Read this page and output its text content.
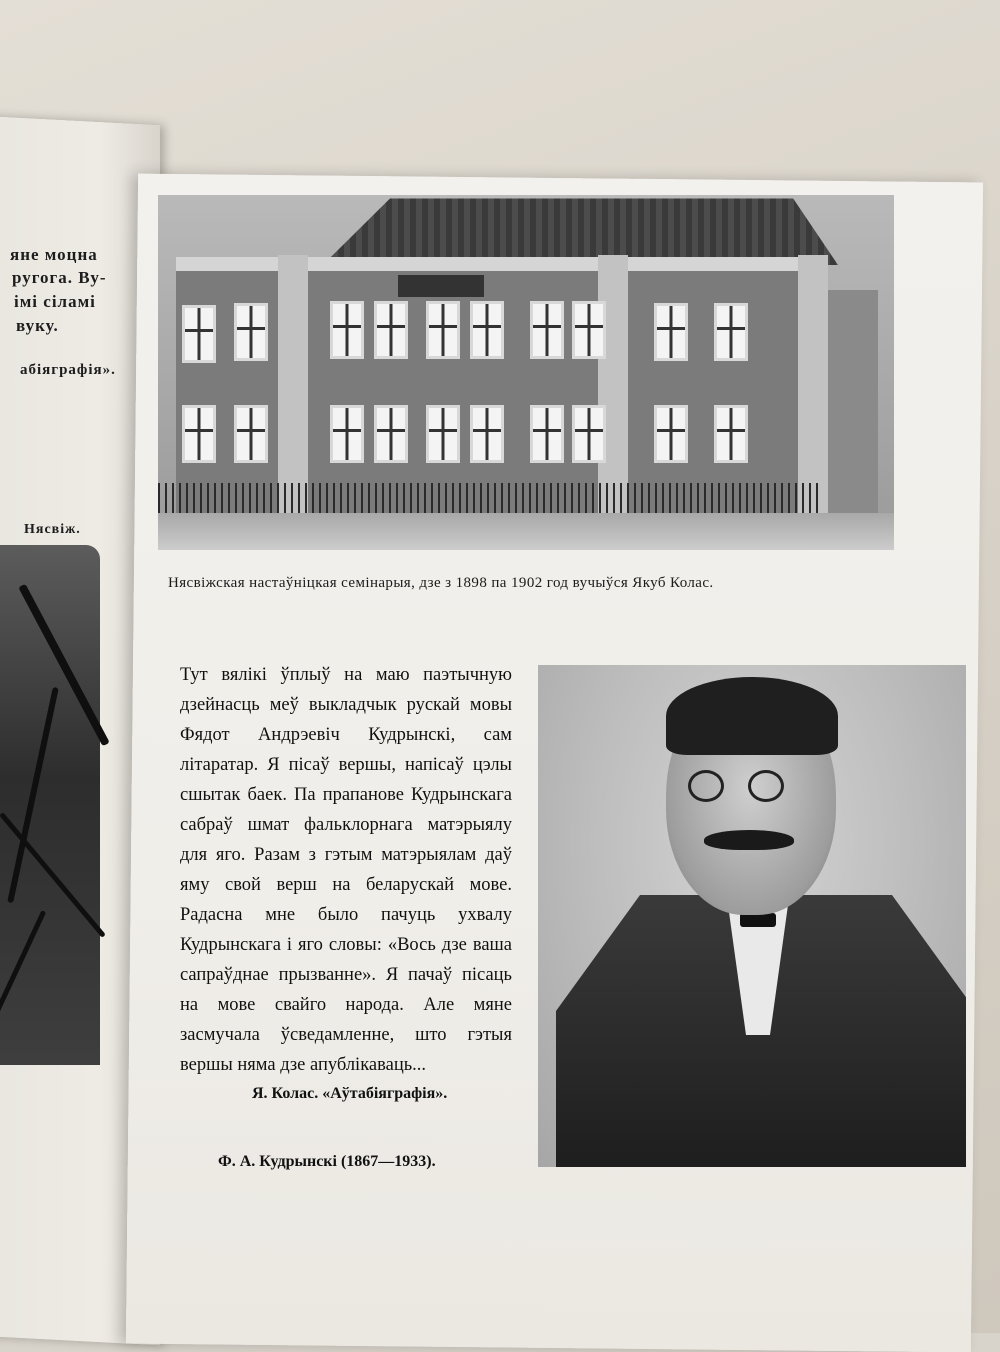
яне моцна
ругога. Ву-
імі сіламі
вуку.
абіяграфія».
Нясвіж.
Нясвіжская настаўніцкая семінарыя, дзе з 1898 па 1902 год вучыўся Якуб Колас.

Тут вялікі ўплыў на маю паэтычную дзейнасць меў выкладчык рускай мовы Фядот Андрэевіч Кудрынскі, сам літаратар. Я пісаў вершы, напісаў цэлы сшытак баек. Па прапанове Кудрынскага сабраў шмат фальклорнага матэрыялу для яго. Разам з гэтым матэрыялам даў яму свой верш на беларускай мове. Радасна мне было пачуць ухвалу Кудрынскага і яго словы: «Вось дзе ваша сапраўднае прызванне». Я пачаў пісаць на мове свайго народа. Але мяне засмучала ўсведамленне, што гэтыя вершы няма дзе апублікаваць...

Я. Колас. «Аўтабіяграфія».
Ф. А. Кудрынскі (1867—1933).
